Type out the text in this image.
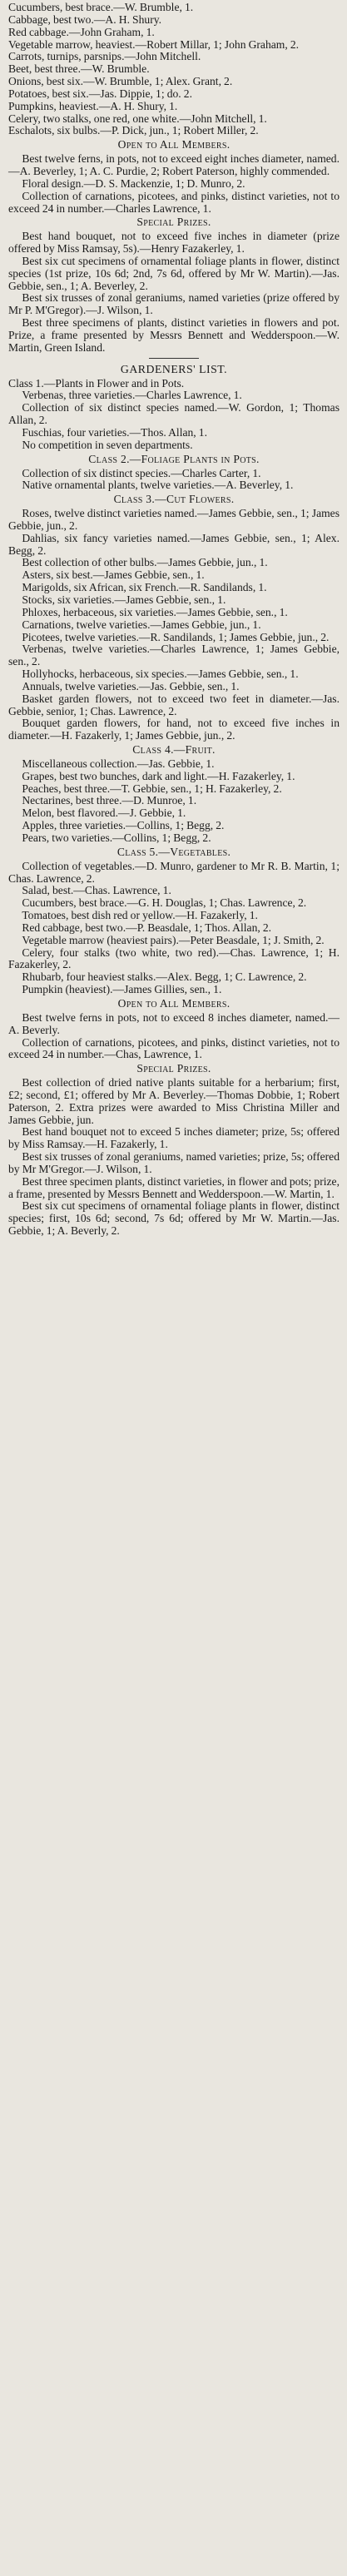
Cucumbers, best brace.—W. Brumble, 1.

Cabbage, best two.—A. H. Shury.

Red cabbage.—John Graham, 1.

Vegetable marrow, heaviest.—Robert Millar, 1; John Graham, 2.

Carrots, turnips, parsnips.—John Mitchell.

Beet, best three.—W. Brumble.

Onions, best six.—W. Brumble, 1; Alex. Grant, 2.

Potatoes, best six.—Jas. Dippie, 1; do. 2.

Pumpkins, heaviest.—A. H. Shury, 1.

Celery, two stalks, one red, one white.—John Mitchell, 1.

Eschalots, six bulbs.—P. Dick, jun., 1; Robert Miller, 2.

Open to All Members.

Best twelve ferns, in pots, not to exceed eight inches diameter, named.—A. Beverley, 1; A. C. Purdie, 2; Robert Paterson, highly commended.

Floral design.—D. S. Mackenzie, 1; D. Munro, 2.

Collection of carnations, picotees, and pinks, distinct varieties, not to exceed 24 in number.—Charles Lawrence, 1.

Special Prizes.

Best hand bouquet, not to exceed five inches in diameter (prize offered by Miss Ramsay, 5s).—Henry Fazakerley, 1.

Best six cut specimens of ornamental foliage plants in flower, distinct species (1st prize, 10s 6d; 2nd, 7s 6d, offered by Mr W. Martin).—Jas. Gebbie, sen., 1; A. Beverley, 2.

Best six trusses of zonal geraniums, named varieties (prize offered by Mr P. M'Gregor).—J. Wilson, 1.

Best three specimens of plants, distinct varieties in flowers and pot. Prize, a frame presented by Messrs Bennett and Wedderspoon.—W. Martin, Green Island.

GARDENERS' LIST.

Class 1.—Plants in Flower and in Pots.

Verbenas, three varieties.—Charles Lawrence, 1.

Collection of six distinct species named.—W. Gordon, 1; Thomas Allan, 2.

Fuschias, four varieties.—Thos. Allan, 1.

No competition in seven departments.

Class 2.—Foliage Plants in Pots.

Collection of six distinct species.—Charles Carter, 1.

Native ornamental plants, twelve varieties.—A. Beverley, 1.

Class 3.—Cut Flowers.

Roses, twelve distinct varieties named.—James Gebbie, sen., 1; James Gebbie, jun., 2.

Dahlias, six fancy varieties named.—James Gebbie, sen., 1; Alex. Begg, 2.

Best collection of other bulbs.—James Gebbie, jun., 1.

Asters, six best.—James Gebbie, sen., 1.

Marigolds, six African, six French.—R. Sandilands, 1.

Stocks, six varieties.—James Gebbie, sen., 1.

Phloxes, herbaceous, six varieties.—James Gebbie, sen., 1.

Carnations, twelve varieties.—James Gebbie, jun., 1.

Picotees, twelve varieties.—R. Sandilands, 1; James Gebbie, jun., 2.

Verbenas, twelve varieties.—Charles Lawrence, 1; James Gebbie, sen., 2.

Hollyhocks, herbaceous, six species.—James Gebbie, sen., 1.

Annuals, twelve varieties.—Jas. Gebbie, sen., 1.

Basket garden flowers, not to exceed two feet in diameter.—Jas. Gebbie, senior, 1; Chas. Lawrence, 2.

Bouquet garden flowers, for hand, not to exceed five inches in diameter.—H. Fazakerly, 1; James Gebbie, jun., 2.

Class 4.—Fruit.

Miscellaneous collection.—Jas. Gebbie, 1.

Grapes, best two bunches, dark and light.—H. Fazakerley, 1.

Peaches, best three.—T. Gebbie, sen., 1; H. Fazakerley, 2.

Nectarines, best three.—D. Munroe, 1.

Melon, best flavored.—J. Gebbie, 1.

Apples, three varieties.—Collins, 1; Begg, 2.

Pears, two varieties.—Collins, 1; Begg, 2.

Class 5.—Vegetables.

Collection of vegetables.—D. Munro, gardener to Mr R. B. Martin, 1; Chas. Lawrence, 2.

Salad, best.—Chas. Lawrence, 1.

Cucumbers, best brace.—G. H. Douglas, 1; Chas. Lawrence, 2.

Tomatoes, best dish red or yellow.—H. Fazakerly, 1.

Red cabbage, best two.—P. Beasdale, 1; Thos. Allan, 2.

Vegetable marrow (heaviest pairs).—Peter Beasdale, 1; J. Smith, 2.

Celery, four stalks (two white, two red).—Chas. Lawrence, 1; H. Fazakerley, 2.

Rhubarb, four heaviest stalks.—Alex. Begg, 1; C. Lawrence, 2.

Pumpkin (heaviest).—James Gillies, sen., 1.

Open to All Members.

Best twelve ferns in pots, not to exceed 8 inches diameter, named.—A. Beverly.

Collection of carnations, picotees, and pinks, distinct varieties, not to exceed 24 in number.—Chas, Lawrence, 1.

Special Prizes.

Best collection of dried native plants suitable for a herbarium; first, £2; second, £1; offered by Mr A. Beverley.—Thomas Dobbie, 1; Robert Paterson, 2. Extra prizes were awarded to Miss Christina Miller and James Gebbie, jun.

Best hand bouquet not to exceed 5 inches diameter; prize, 5s; offered by Miss Ramsay.—H. Fazakerly, 1.

Best six trusses of zonal geraniums, named varieties; prize, 5s; offered by Mr M'Gregor.—J. Wilson, 1.

Best three specimen plants, distinct varieties, in flower and pots; prize, a frame, presented by Messrs Bennett and Wedderspoon.—W. Martin, 1.

Best six cut specimens of ornamental foliage plants in flower, distinct species; first, 10s 6d; second, 7s 6d; offered by Mr W. Martin.—Jas. Gebbie, 1; A. Beverly, 2.
